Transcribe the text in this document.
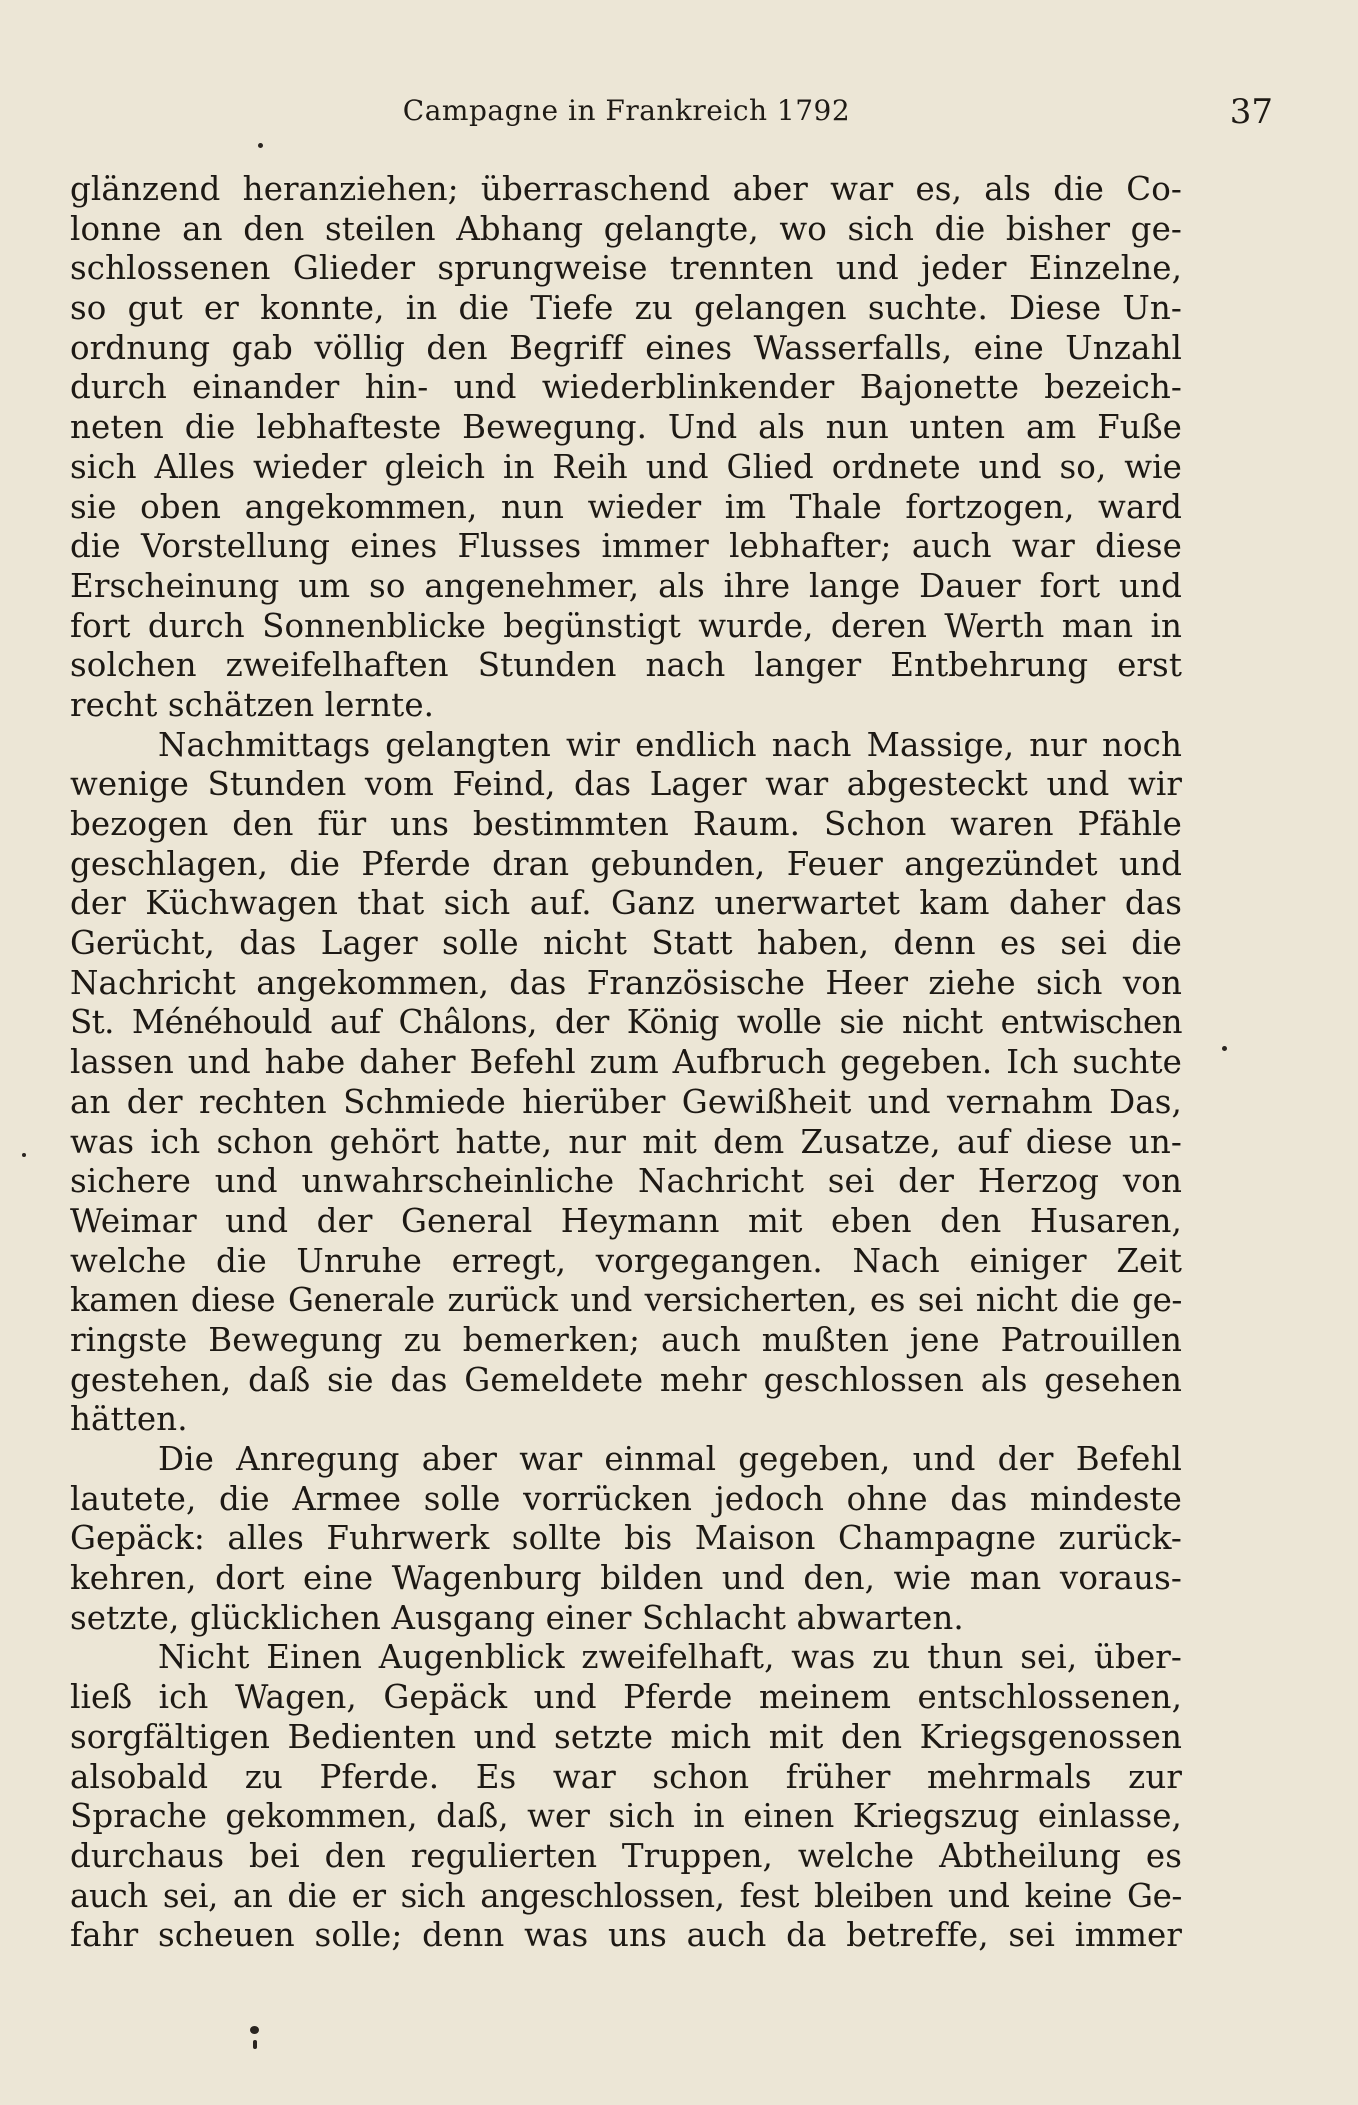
Campagne in Frankreich 1792	37
glänzend heranziehen; überraschend aber war es, als die Co-
lonne an den steilen Abhang gelangte, wo sich die bisher ge-
schlossenen Glieder sprungweise trennten und jeder Einzelne,
so gut er konnte, in die Tiefe zu gelangen suchte. Diese Un-
ordnung gab völlig den Begriff eines Wasserfalls, eine Unzahl
durch einander hin- und wiederblinkender Bajonette bezeich-
neten die lebhafteste Bewegung. Und als nun unten am Fuße
sich Alles wieder gleich in Reih und Glied ordnete und so, wie
sie oben angekommen, nun wieder im Thale fortzogen, ward
die Vorstellung eines Flusses immer lebhafter; auch war diese
Erscheinung um so angenehmer, als ihre lange Dauer fort und
fort durch Sonnenblicke begünstigt wurde, deren Werth man in
solchen zweifelhaften Stunden nach langer Entbehrung erst
recht schätzen lernte.
Nachmittags gelangten wir endlich nach Massige, nur noch
wenige Stunden vom Feind, das Lager war abgesteckt und wir
bezogen den für uns bestimmten Raum. Schon waren Pfähle
geschlagen, die Pferde dran gebunden, Feuer angezündet und
der Küchwagen that sich auf. Ganz unerwartet kam daher das
Gerücht, das Lager solle nicht Statt haben, denn es sei die
Nachricht angekommen, das Französische Heer ziehe sich von
St. Ménéhould auf Châlons, der König wolle sie nicht entwischen
lassen und habe daher Befehl zum Aufbruch gegeben. Ich suchte
an der rechten Schmiede hierüber Gewißheit und vernahm Das,
was ich schon gehört hatte, nur mit dem Zusatze, auf diese un-
sichere und unwahrscheinliche Nachricht sei der Herzog von
Weimar und der General Heymann mit eben den Husaren,
welche die Unruhe erregt, vorgegangen. Nach einiger Zeit
kamen diese Generale zurück und versicherten, es sei nicht die ge-
ringste Bewegung zu bemerken; auch mußten jene Patrouillen
gestehen, daß sie das Gemeldete mehr geschlossen als gesehen
hätten.
Die Anregung aber war einmal gegeben, und der Befehl
lautete, die Armee solle vorrücken jedoch ohne das mindeste
Gepäck: alles Fuhrwerk sollte bis Maison Champagne zurück-
kehren, dort eine Wagenburg bilden und den, wie man voraus-
setzte, glücklichen Ausgang einer Schlacht abwarten.
Nicht Einen Augenblick zweifelhaft, was zu thun sei, über-
ließ ich Wagen, Gepäck und Pferde meinem entschlossenen,
sorgfältigen Bedienten und setzte mich mit den Kriegsgenossen
alsobald zu Pferde. Es war schon früher mehrmals zur
Sprache gekommen, daß, wer sich in einen Kriegszug einlasse,
durchaus bei den regulierten Truppen, welche Abtheilung es
auch sei, an die er sich angeschlossen, fest bleiben und keine Ge-
fahr scheuen solle; denn was uns auch da betreffe, sei immer
